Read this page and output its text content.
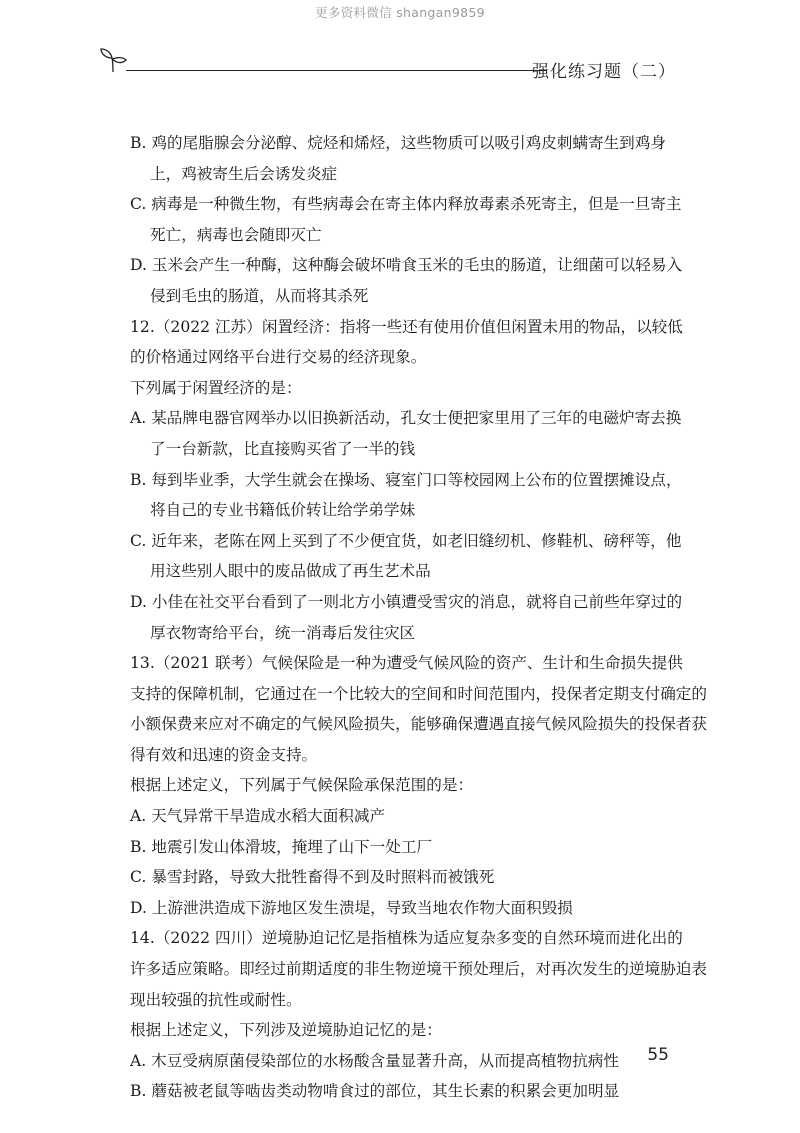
更多资料微信 shangan9859
强化练习题（二）
B. 鸡的尾脂腺会分泌醇、烷烃和烯烃，这些物质可以吸引鸡皮刺螨寄生到鸡身
上，鸡被寄生后会诱发炎症
C. 病毒是一种微生物，有些病毒会在寄主体内释放毒素杀死寄主，但是一旦寄主
死亡，病毒也会随即灭亡
D. 玉米会产生一种酶，这种酶会破坏啃食玉米的毛虫的肠道，让细菌可以轻易入
侵到毛虫的肠道，从而将其杀死
12.（2022 江苏）闲置经济：指将一些还有使用价值但闲置未用的物品，以较低
的价格通过网络平台进行交易的经济现象。
下列属于闲置经济的是：
A. 某品牌电器官网举办以旧换新活动，孔女士便把家里用了三年的电磁炉寄去换
了一台新款，比直接购买省了一半的钱
B. 每到毕业季，大学生就会在操场、寝室门口等校园网上公布的位置摆摊设点，
将自己的专业书籍低价转让给学弟学妹
C. 近年来，老陈在网上买到了不少便宜货，如老旧缝纫机、修鞋机、磅秤等，他
用这些别人眼中的废品做成了再生艺术品
D. 小佳在社交平台看到了一则北方小镇遭受雪灾的消息，就将自己前些年穿过的
厚衣物寄给平台，统一消毒后发往灾区
13.（2021 联考）气候保险是一种为遭受气候风险的资产、生计和生命损失提供
支持的保障机制，它通过在一个比较大的空间和时间范围内，投保者定期支付确定的
小额保费来应对不确定的气候风险损失，能够确保遭遇直接气候风险损失的投保者获
得有效和迅速的资金支持。
根据上述定义，下列属于气候保险承保范围的是：
A. 天气异常干旱造成水稻大面积减产
B. 地震引发山体滑坡，掩埋了山下一处工厂
C. 暴雪封路，导致大批牲畜得不到及时照料而被饿死
D. 上游泄洪造成下游地区发生溃堤，导致当地农作物大面积毁损
14.（2022 四川）逆境胁迫记忆是指植株为适应复杂多变的自然环境而进化出的
许多适应策略。即经过前期适度的非生物逆境干预处理后，对再次发生的逆境胁迫表
现出较强的抗性或耐性。
根据上述定义，下列涉及逆境胁迫记忆的是：
A. 木豆受病原菌侵染部位的水杨酸含量显著升高，从而提高植物抗病性
B. 蘑菇被老鼠等啮齿类动物啃食过的部位，其生长素的积累会更加明显
55
